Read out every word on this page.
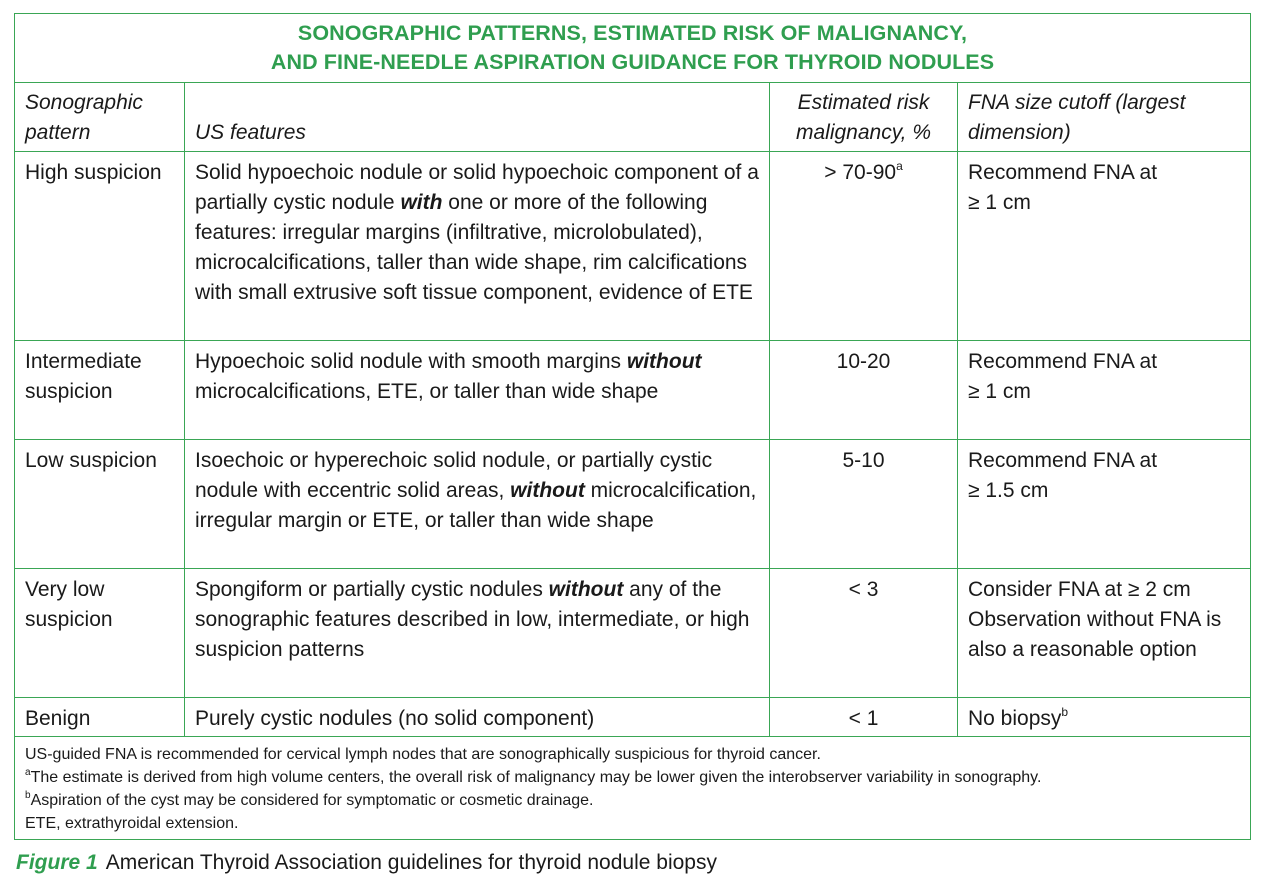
SONOGRAPHIC PATTERNS, ESTIMATED RISK OF MALIGNANCY,
AND FINE-NEEDLE ASPIRATION GUIDANCE FOR THYROID NODULES			

Sonographic pattern	US features	Estimated risk malignancy, %	FNA size cutoff (largest dimension)

High suspicion	Solid hypoechoic nodule or solid hypoechoic component of a partially cystic nodule with one or more of the following features: irregular margins (infiltrative, microlobulated), microcalcifications, taller than wide shape, rim calcifications with small extrusive soft tissue component, evidence of ETE	> $70-90^a$	Recommend FNA at ≥ 1 cm

Intermediate suspicion	Hypoechoic solid nodule with smooth margins without microcalcifications, ETE, or taller than wide shape	10-20	Recommend FNA at ≥ 1 cm

Low suspicion	Isoechoic or hyperechoic solid nodule, or partially cystic nodule with eccentric solid areas, without microcalcification, irregular margin or ETE, or taller than wide shape	5-10	Recommend FNA at ≥ 1.5 cm

Very low suspicion	Spongiform or partially cystic nodules without any of the sonographic features described in low, intermediate, or high suspicion patterns	< 3	Consider FNA at ≥ 2 cm Observation without FNA is also a reasonable option

Benign	Purely cystic nodules (no solid component)	< 1	No biopsy$^b$

US-guided FNA is recommended for cervical lymph nodes that are sonographically suspicious for thyroid cancer.
$^a$The estimate is derived from high volume centers, the overall risk of malignancy may be lower given the interobserver variability in sonography.
$^b$Aspiration of the cyst may be considered for symptomatic or cosmetic drainage.
ETE, extrathyroidal extension.			
Figure 1 American Thyroid Association guidelines for thyroid nodule biopsy
